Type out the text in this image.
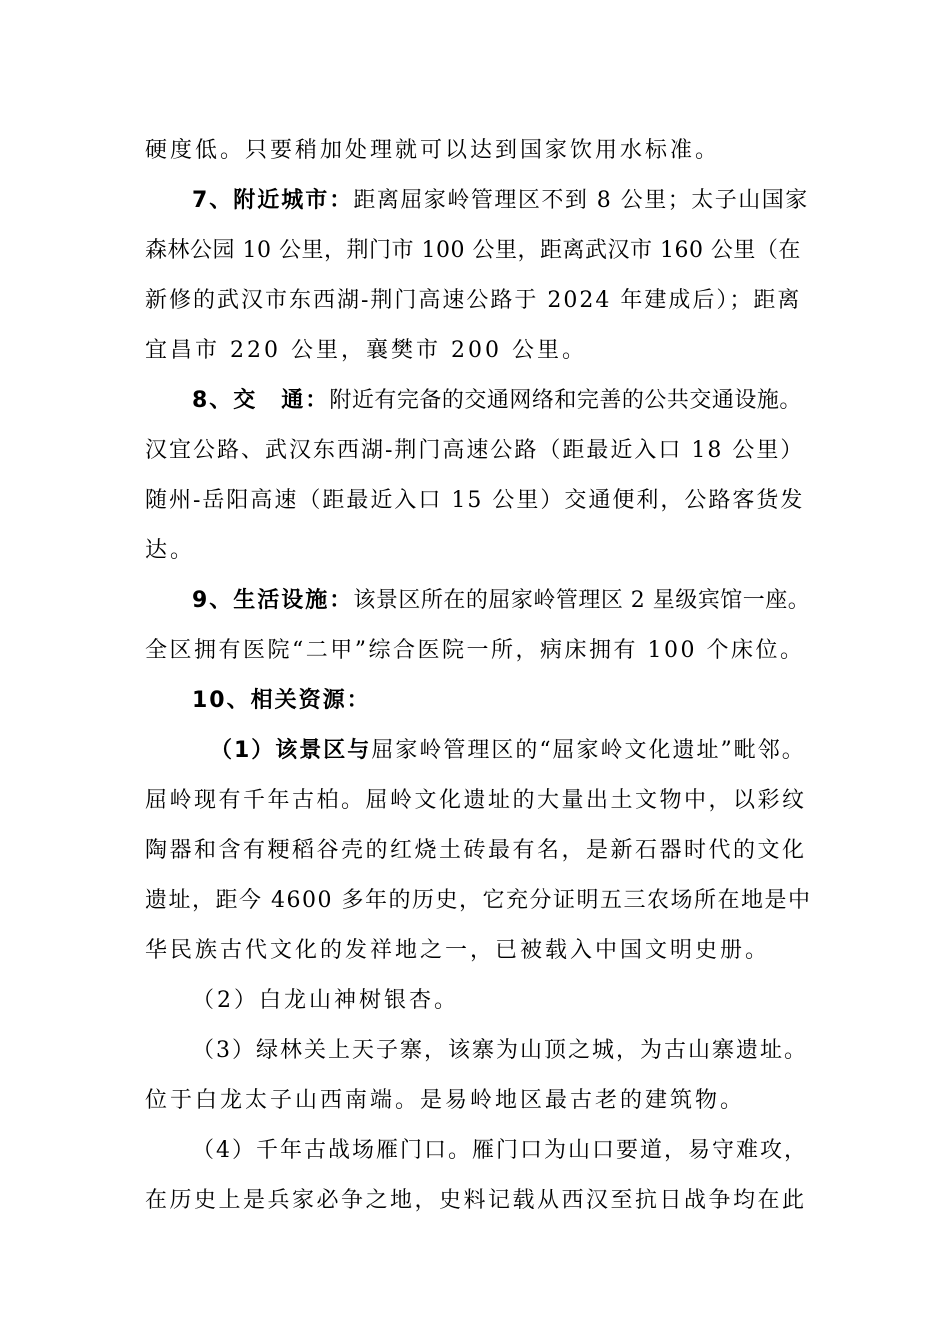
硬度低。只要稍加处理就可以达到国家饮用水标准。

7、附近城市：距离屈家岭管理区不到 8 公里；太子山国家

森林公园 10 公里，荆门市 100 公里，距离武汉市 160 公里（在

新修的武汉市东西湖-荆门高速公路于 2024 年建成后）；距离

宜昌市 220 公里，襄樊市 200 公里。

8、交　通：附近有完备的交通网络和完善的公共交通设施。

汉宜公路、武汉东西湖-荆门高速公路（距最近入口 18 公里）

随州-岳阳高速（距最近入口 15 公里）交通便利，公路客货发

达。

9、生活设施：该景区所在的屈家岭管理区 2 星级宾馆一座。

全区拥有医院“二甲”综合医院一所，病床拥有 100 个床位。

10、相关资源：

（1）该景区与屈家岭管理区的“屈家岭文化遗址”毗邻。

屈岭现有千年古柏。屈岭文化遗址的大量出土文物中，以彩纹

陶器和含有粳稻谷壳的红烧土砖最有名，是新石器时代的文化

遗址，距今 4600 多年的历史，它充分证明五三农场所在地是中

华民族古代文化的发祥地之一，已被载入中国文明史册。

（2）白龙山神树银杏。

（3）绿林关上天子寨，该寨为山顶之城，为古山寨遗址。

位于白龙太子山西南端。是易岭地区最古老的建筑物。

（4）千年古战场雁门口。雁门口为山口要道，易守难攻，

在历史上是兵家必争之地，史料记载从西汉至抗日战争均在此
